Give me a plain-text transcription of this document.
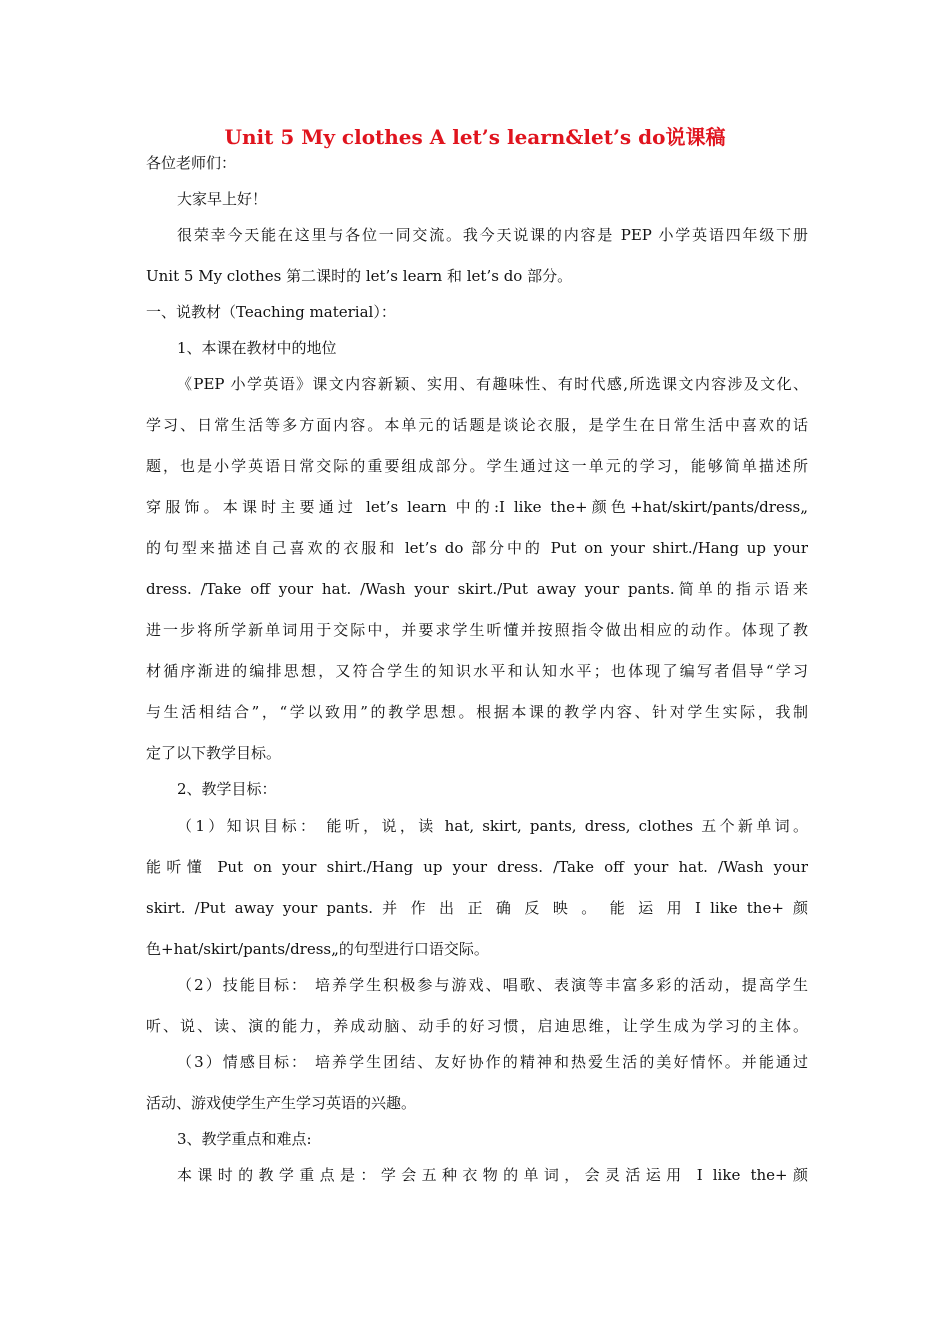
Unit 5 My clothes A let’s learn&let’s do说课稿
各位老师们：
大家早上好！
很荣幸今天能在这里与各位一同交流。我今天说课的内容是 PEP 小学英语四年级下册
Unit 5 My clothes 第二课时的 let’s learn 和 let’s do 部分。
一、说教材（Teaching material）：
1、本课在教材中的地位
《PEP 小学英语》课文内容新颖、实用、有趣味性、有时代感,所选课文内容涉及文化、
学习、日常生活等多方面内容。本单元的话题是谈论衣服，是学生在日常生活中喜欢的话
题，也是小学英语日常交际的重要组成部分。学生通过这一单元的学习，能够简单描述所
穿服饰。本课时主要通过 let’s learn 中的:I like the+颜色+hat/skirt/pants/dress„
的句型来描述自己喜欢的衣服和 let’s do 部分中的 Put on your shirt./Hang up your
dress. /Take off your hat. /Wash your skirt./Put away your pants.简单的指示语来
进一步将所学新单词用于交际中，并要求学生听懂并按照指令做出相应的动作。体现了教
材循序渐进的编排思想，又符合学生的知识水平和认知水平；也体现了编写者倡导“学习
与生活相结合”，“学以致用”的教学思想。根据本课的教学内容、针对学生实际，我制
定了以下教学目标。
2、教学目标：
（1）知识目标： 能听，说，读 hat, skirt, pants, dress, clothes 五个新单词。
能听懂 Put on your shirt./Hang up your dress. /Take off your hat. /Wash your
skirt. /Put away your pants. 并 作 出 正 确 反 映 。 能 运 用 I like the+ 颜
色+hat/skirt/pants/dress„的句型进行口语交际。
（2）技能目标： 培养学生积极参与游戏、唱歌、表演等丰富多彩的活动，提高学生
听、说、读、演的能力，养成动脑、动手的好习惯，启迪思维，让学生成为学习的主体。
（3）情感目标： 培养学生团结、友好协作的精神和热爱生活的美好情怀。并能通过
活动、游戏使学生产生学习英语的兴趣。
3、教学重点和难点:
本课时的教学重点是：学会五种衣物的单词，会灵活运用 I like the+颜
